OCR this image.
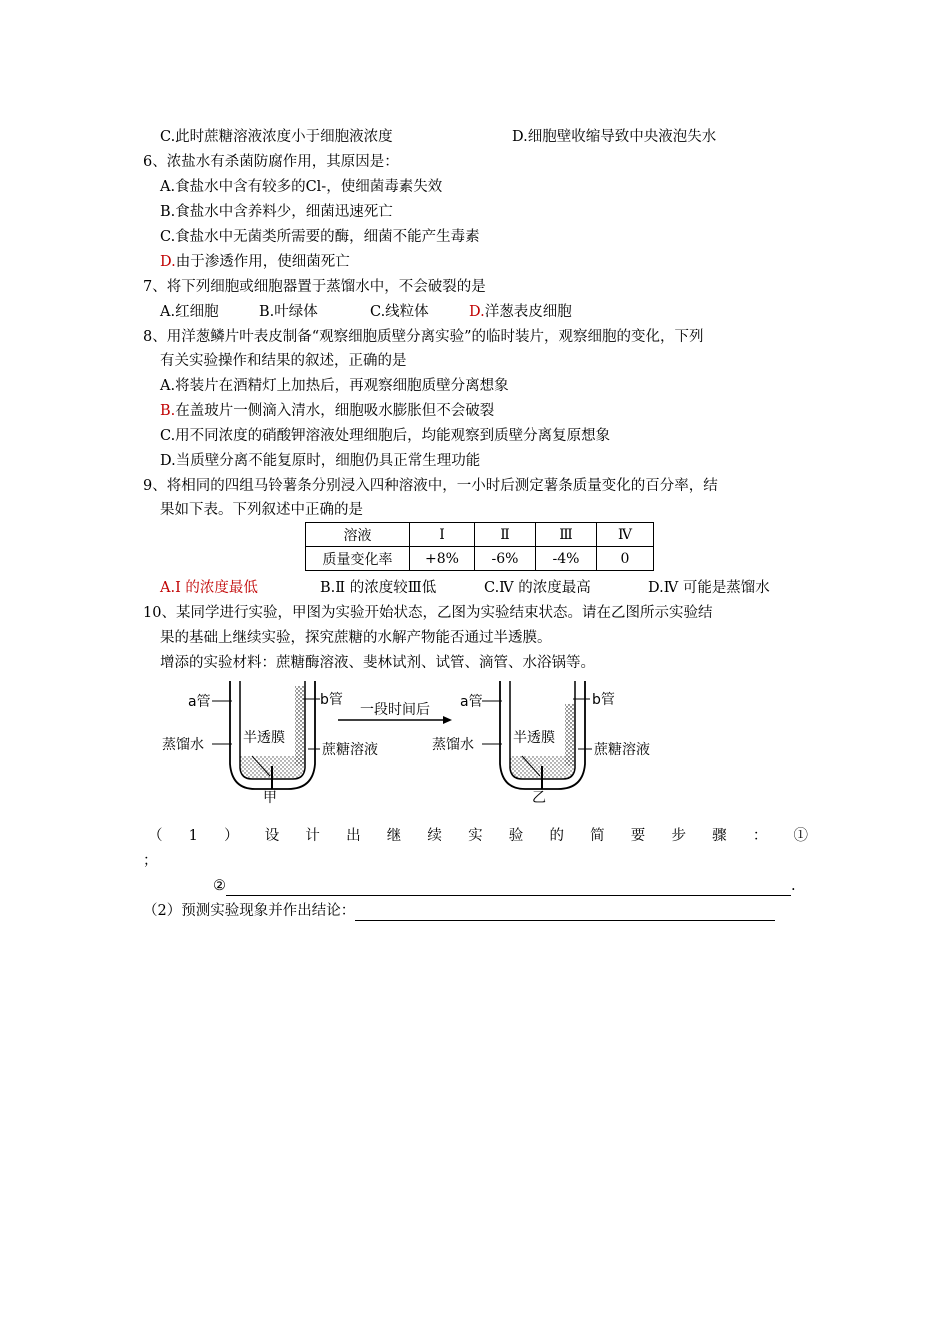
C.此时蔗糖溶液浓度小于细胞液浓度	D.细胞壁收缩导致中央液泡失水
6、浓盐水有杀菌防腐作用，其原因是：
A.食盐水中含有较多的Cl-，使细菌毒素失效
B.食盐水中含养料少，细菌迅速死亡
C.食盐水中无菌类所需要的酶，细菌不能产生毒素
D.由于渗透作用，使细菌死亡
7、将下列细胞或细胞器置于蒸馏水中，不会破裂的是
A.红细胞	B.叶绿体	C.线粒体	D.洋葱表皮细胞
8、用洋葱鳞片叶表皮制备“观察细胞质壁分离实验”的临时装片，观察细胞的变化，下列
有关实验操作和结果的叙述，正确的是
A.将装片在酒精灯上加热后，再观察细胞质壁分离想象
B.在盖玻片一侧滴入清水，细胞吸水膨胀但不会破裂
C.用不同浓度的硝酸钾溶液处理细胞后，均能观察到质壁分离复原想象
D.当质壁分离不能复原时，细胞仍具正常生理功能
9、将相同的四组马铃薯条分别浸入四种溶液中，一小时后测定薯条质量变化的百分率，结
果如下表。下列叙述中正确的是
溶液	Ⅰ	Ⅱ	Ⅲ	Ⅳ
质量变化率	+8%	-6%	-4%	0
A.Ⅰ 的浓度最低	B.Ⅱ 的浓度较Ⅲ低	C.Ⅳ 的浓度最高	D.Ⅳ 可能是蒸馏水
10、某同学进行实验，甲图为实验开始状态，乙图为实验结束状态。请在乙图所示实验结
果的基础上继续实验，探究蔗糖的水解产物能否通过半透膜。
增添的实验材料：蔗糖酶溶液、斐林试剂、试管、滴管、水浴锅等。
a管	b管
蒸馏水	半透膜
蔗糖溶液
甲
一段时间后 a管	b管
蒸馏水	半透膜
蔗糖溶液
乙
（1）设计出继续实验的简要步骤：①
；
②	.
（2）预测实验现象并作出结论：
